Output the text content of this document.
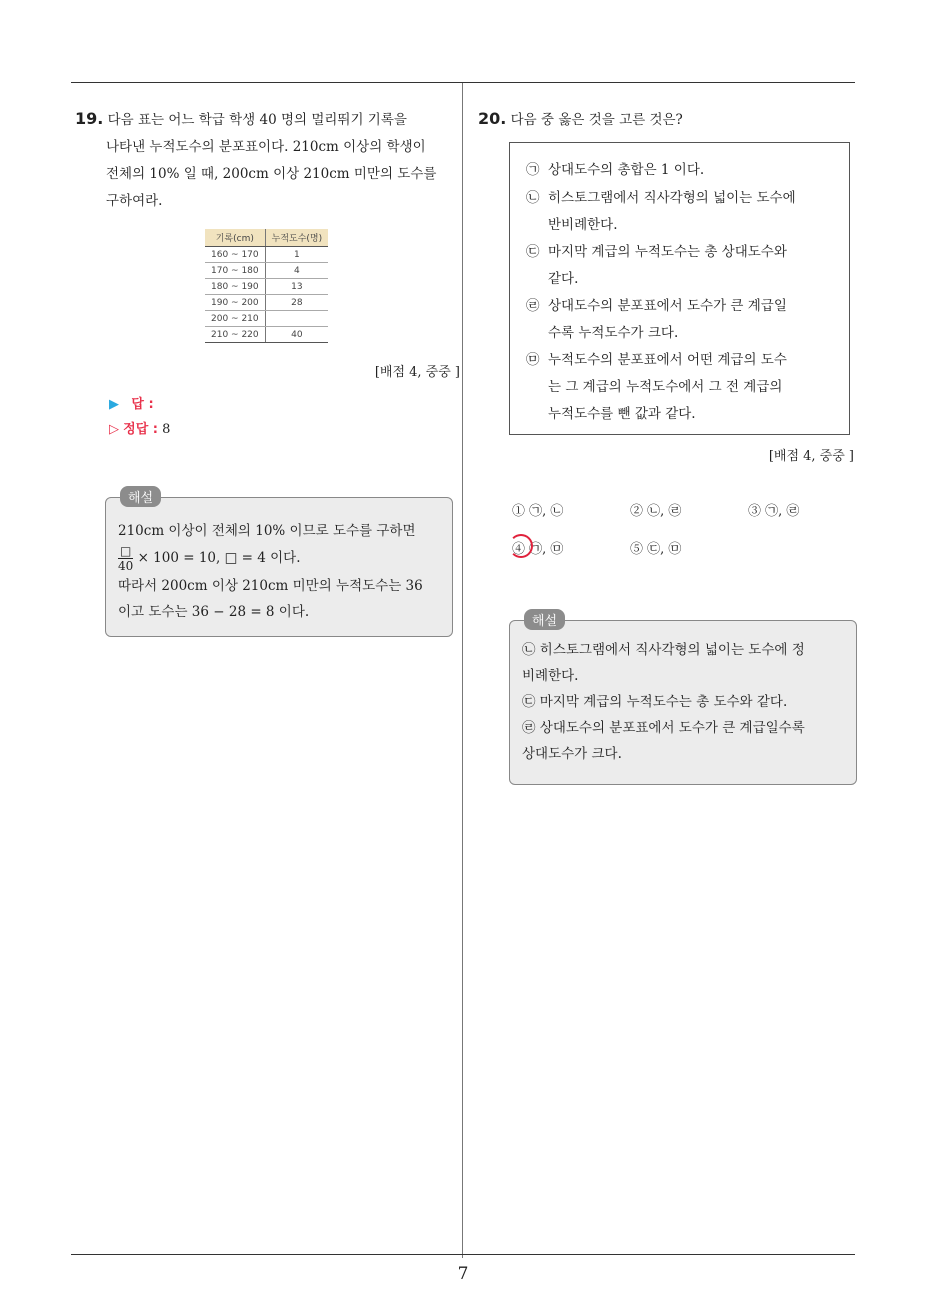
7
19. 다음 표는 어느 학급 학생 40 명의 멀리뛰기 기록을
나타낸 누적도수의 분포표이다. 210cm 이상의 학생이
전체의 10% 일 때, 200cm 이상 210cm 미만의 도수를
구하여라.
기록(cm)	누적도수(명)
160 ~ 170	1
170 ~ 180	4
180 ~ 190	13
190 ~ 200	28
200 ~ 210	
210 ~ 220	40
[배점 4, 중중 ]
▶ 답 :
▷ 정답 : 8
해설
210cm 이상이 전체의 10% 이므로 도수를 구하면
$\frac{□}{40} \times 100 = 10$, □ = 4 이다.
따라서 200cm 이상 210cm 미만의 누적도수는 36
이고 도수는 36 − 28 = 8 이다.
20. 다음 중 옳은 것을 고른 것은?
㉠ 상대도수의 총합은 1 이다.
㉡ 히스토그램에서 직사각형의 넓이는 도수에
반비례한다.
㉢ 마지막 계급의 누적도수는 총 상대도수와
같다.
㉣ 상대도수의 분포표에서 도수가 큰 계급일
수록 누적도수가 크다.
㉤ 누적도수의 분포표에서 어떤 계급의 도수
는 그 계급의 누적도수에서 그 전 계급의
누적도수를 뺀 값과 같다.
[배점 4, 중중 ]
① ㉠, ㉡	② ㉡, ㉣	③ ㉠, ㉣
④ ㉠, ㉤	⑤ ㉢, ㉤
해설
㉡ 히스토그램에서 직사각형의 넓이는 도수에 정
비례한다.
㉢ 마지막 계급의 누적도수는 총 도수와 같다.
㉣ 상대도수의 분포표에서 도수가 큰 계급일수록
상대도수가 크다.
